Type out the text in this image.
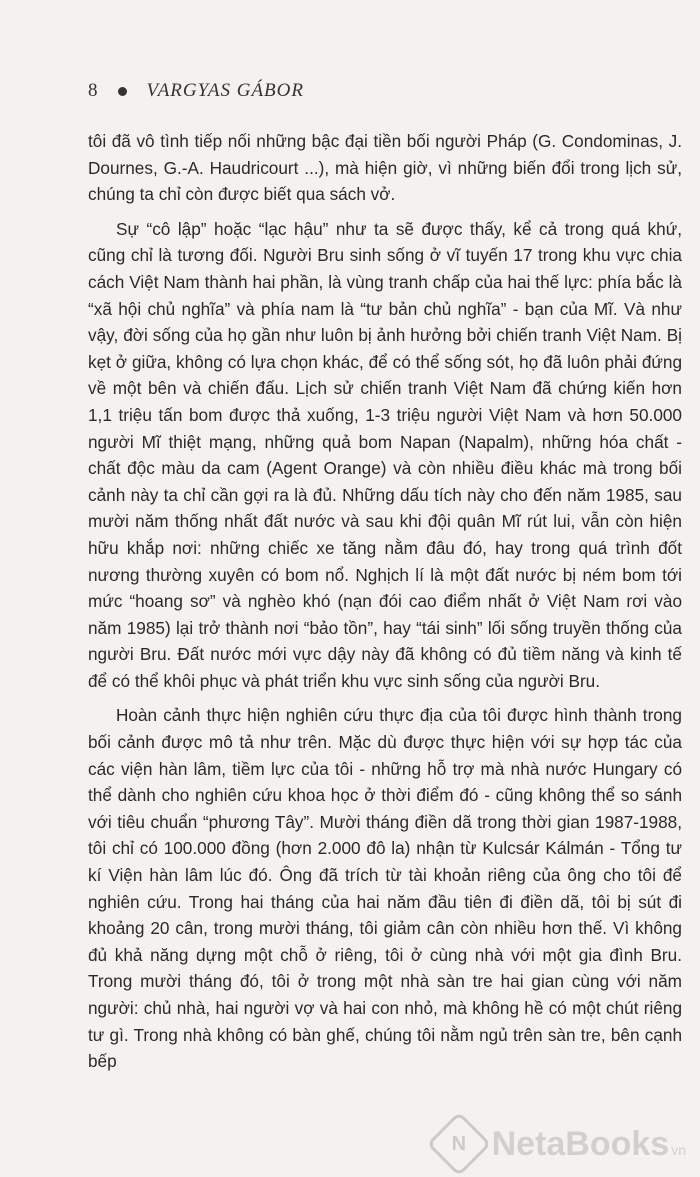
8	VARGYAS GÁBOR

tôi đã vô tình tiếp nối những bậc đại tiền bối người Pháp (G. Condominas, J. Dournes, G.-A. Haudricourt ...), mà hiện giờ, vì những biến đổi trong lịch sử, chúng ta chỉ còn được biết qua sách vở.

Sự “cô lập” hoặc “lạc hậu” như ta sẽ được thấy, kể cả trong quá khứ, cũng chỉ là tương đối. Người Bru sinh sống ở vĩ tuyến 17 trong khu vực chia cách Việt Nam thành hai phần, là vùng tranh chấp của hai thế lực: phía bắc là “xã hội chủ nghĩa” và phía nam là “tư bản chủ nghĩa” - bạn của Mĩ. Và như vậy, đời sống của họ gần như luôn bị ảnh hưởng bởi chiến tranh Việt Nam. Bị kẹt ở giữa, không có lựa chọn khác, để có thể sống sót, họ đã luôn phải đứng về một bên và chiến đấu. Lịch sử chiến tranh Việt Nam đã chứng kiến hơn 1,1 triệu tấn bom được thả xuống, 1-3 triệu người Việt Nam và hơn 50.000 người Mĩ thiệt mạng, những quả bom Napan (Napalm), những hóa chất - chất độc màu da cam (Agent Orange) và còn nhiều điều khác mà trong bối cảnh này ta chỉ cần gợi ra là đủ. Những dấu tích này cho đến năm 1985, sau mười năm thống nhất đất nước và sau khi đội quân Mĩ rút lui, vẫn còn hiện hữu khắp nơi: những chiếc xe tăng nằm đâu đó, hay trong quá trình đốt nương thường xuyên có bom nổ. Nghịch lí là một đất nước bị ném bom tới mức “hoang sơ” và nghèo khó (nạn đói cao điểm nhất ở Việt Nam rơi vào năm 1985) lại trở thành nơi “bảo tồn”, hay “tái sinh” lối sống truyền thống của người Bru. Đất nước mới vực dậy này đã không có đủ tiềm năng và kinh tế để có thể khôi phục và phát triển khu vực sinh sống của người Bru.

Hoàn cảnh thực hiện nghiên cứu thực địa của tôi được hình thành trong bối cảnh được mô tả như trên. Mặc dù được thực hiện với sự hợp tác của các viện hàn lâm, tiềm lực của tôi - những hỗ trợ mà nhà nước Hungary có thể dành cho nghiên cứu khoa học ở thời điểm đó - cũng không thể so sánh với tiêu chuẩn “phương Tây”. Mười tháng điền dã trong thời gian 1987-1988, tôi chỉ có 100.000 đồng (hơn 2.000 đô la) nhận từ Kulcsár Kálmán - Tổng tư kí Viện hàn lâm lúc đó. Ông đã trích từ tài khoản riêng của ông cho tôi để nghiên cứu. Trong hai tháng của hai năm đầu tiên đi điền dã, tôi bị sút đi khoảng 20 cân, trong mười tháng, tôi giảm cân còn nhiều hơn thế. Vì không đủ khả năng dựng một chỗ ở riêng, tôi ở cùng nhà với một gia đình Bru. Trong mười tháng đó, tôi ở trong một nhà sàn tre hai gian cùng với năm người: chủ nhà, hai người vợ và hai con nhỏ, mà không hề có một chút riêng tư gì. Trong nhà không có bàn ghế, chúng tôi nằm ngủ trên sàn tre, bên cạnh bếp

N NetaBooks vn
